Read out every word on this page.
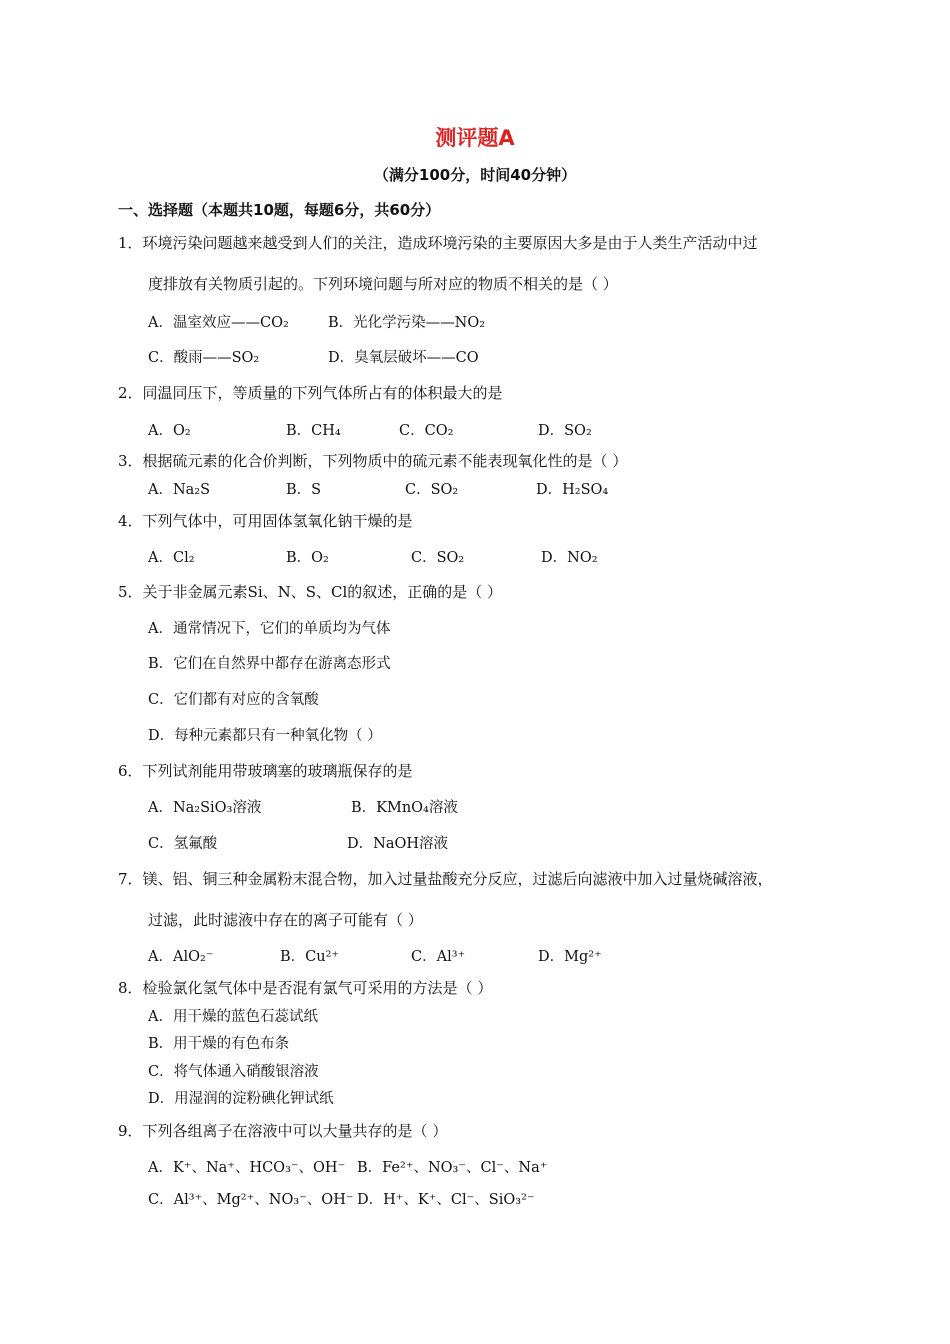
测评题A
（满分100分，时间40分钟）
一、选择题（本题共10题，每题6分，共60分）
1．环境污染问题越来越受到人们的关注，造成环境污染的主要原因大多是由于人类生产活动中过
度排放有关物质引起的。下列环境问题与所对应的物质不相关的是（ ）
A．温室效应——CO₂	B．光化学污染——NO₂
C．酸雨——SO₂	D．臭氧层破坏——CO
2．同温同压下，等质量的下列气体所占有的体积最大的是
A．O₂	B．CH₄	C．CO₂	D．SO₂
3．根据硫元素的化合价判断，下列物质中的硫元素不能表现氧化性的是（ ）
A．Na₂S	B．S	C．SO₂	D．H₂SO₄
4．下列气体中，可用固体氢氧化钠干燥的是
A．Cl₂	B．O₂	C．SO₂	D．NO₂
5．关于非金属元素Si、N、S、Cl的叙述，正确的是（ ）
A．通常情况下，它们的单质均为气体
B．它们在自然界中都存在游离态形式
C．它们都有对应的含氧酸
D．每种元素都只有一种氧化物（ ）
6．下列试剂能用带玻璃塞的玻璃瓶保存的是
A．Na₂SiO₃溶液	B．KMnO₄溶液
C．氢氟酸	D．NaOH溶液
7．镁、铝、铜三种金属粉末混合物，加入过量盐酸充分反应，过滤后向滤液中加入过量烧碱溶液，
过滤，此时滤液中存在的离子可能有（ ）
A．AlO₂⁻	B．Cu²⁺	C．Al³⁺	D．Mg²⁺
8．检验氯化氢气体中是否混有氯气可采用的方法是（ ）
A．用干燥的蓝色石蕊试纸
B．用干燥的有色布条
C．将气体通入硝酸银溶液
D．用湿润的淀粉碘化钾试纸
9．下列各组离子在溶液中可以大量共存的是（ ）
A．K⁺、Na⁺、HCO₃⁻、OH⁻ B．Fe²⁺、NO₃⁻、Cl⁻、Na⁺
C．Al³⁺、Mg²⁺、NO₃⁻、OH⁻ D．H⁺、K⁺、Cl⁻、SiO₃²⁻
